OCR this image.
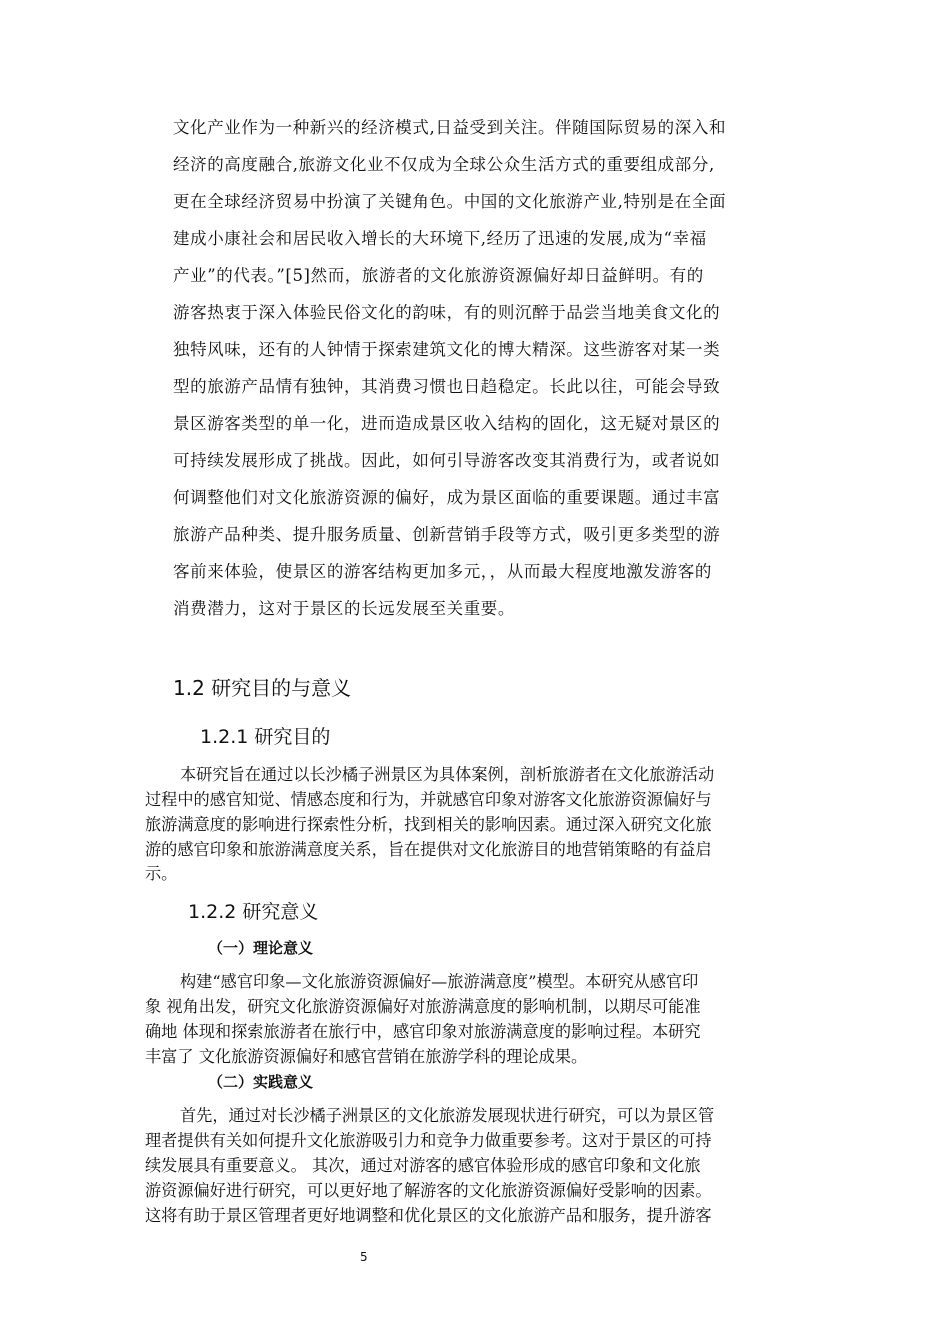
文化产业作为一种新兴的经济模式,日益受到关注。伴随国际贸易的深入和
经济的高度融合,旅游文化业不仅成为全球公众生活方式的重要组成部分,
更在全球经济贸易中扮演了关键角色。中国的文化旅游产业,特别是在全面
建成小康社会和居民收入增长的大环境下,经历了迅速的发展,成为“幸福
产业”的代表。”[5]然而，旅游者的文化旅游资源偏好却日益鲜明。有的
游客热衷于深入体验民俗文化的韵味，有的则沉醉于品尝当地美食文化的
独特风味，还有的人钟情于探索建筑文化的博大精深。这些游客对某一类
型的旅游产品情有独钟，其消费习惯也日趋稳定。长此以往，可能会导致
景区游客类型的单一化，进而造成景区收入结构的固化，这无疑对景区的
可持续发展形成了挑战。因此，如何引导游客改变其消费行为，或者说如
何调整他们对文化旅游资源的偏好，成为景区面临的重要课题。通过丰富
旅游产品种类、提升服务质量、创新营销手段等方式，吸引更多类型的游
客前来体验，使景区的游客结构更加多元，，从而最大程度地激发游客的
消费潜力，这对于景区的长远发展至关重要。
1.2 研究目的与意义
1.2.1 研究目的
本研究旨在通过以长沙橘子洲景区为具体案例，剖析旅游者在文化旅游活动
过程中的感官知觉、情感态度和行为，并就感官印象对游客文化旅游资源偏好与
旅游满意度的影响进行探索性分析，找到相关的影响因素。通过深入研究文化旅
游的感官印象和旅游满意度关系，旨在提供对文化旅游目的地营销策略的有益启
示。
1.2.2 研究意义
（一）理论意义
构建“感官印象—文化旅游资源偏好—旅游满意度”模型。本研究从感官印
象 视角出发，研究文化旅游资源偏好对旅游满意度的影响机制，以期尽可能准
确地 体现和探索旅游者在旅行中，感官印象对旅游满意度的影响过程。本研究
丰富了 文化旅游资源偏好和感官营销在旅游学科的理论成果。
（二）实践意义
首先，通过对长沙橘子洲景区的文化旅游发展现状进行研究，可以为景区管
理者提供有关如何提升文化旅游吸引力和竞争力做重要参考。这对于景区的可持
续发展具有重要意义。 其次，通过对游客的感官体验形成的感官印象和文化旅
游资源偏好进行研究，可以更好地了解游客的文化旅游资源偏好受影响的因素。
这将有助于景区管理者更好地调整和优化景区的文化旅游产品和服务，提升游客
5
